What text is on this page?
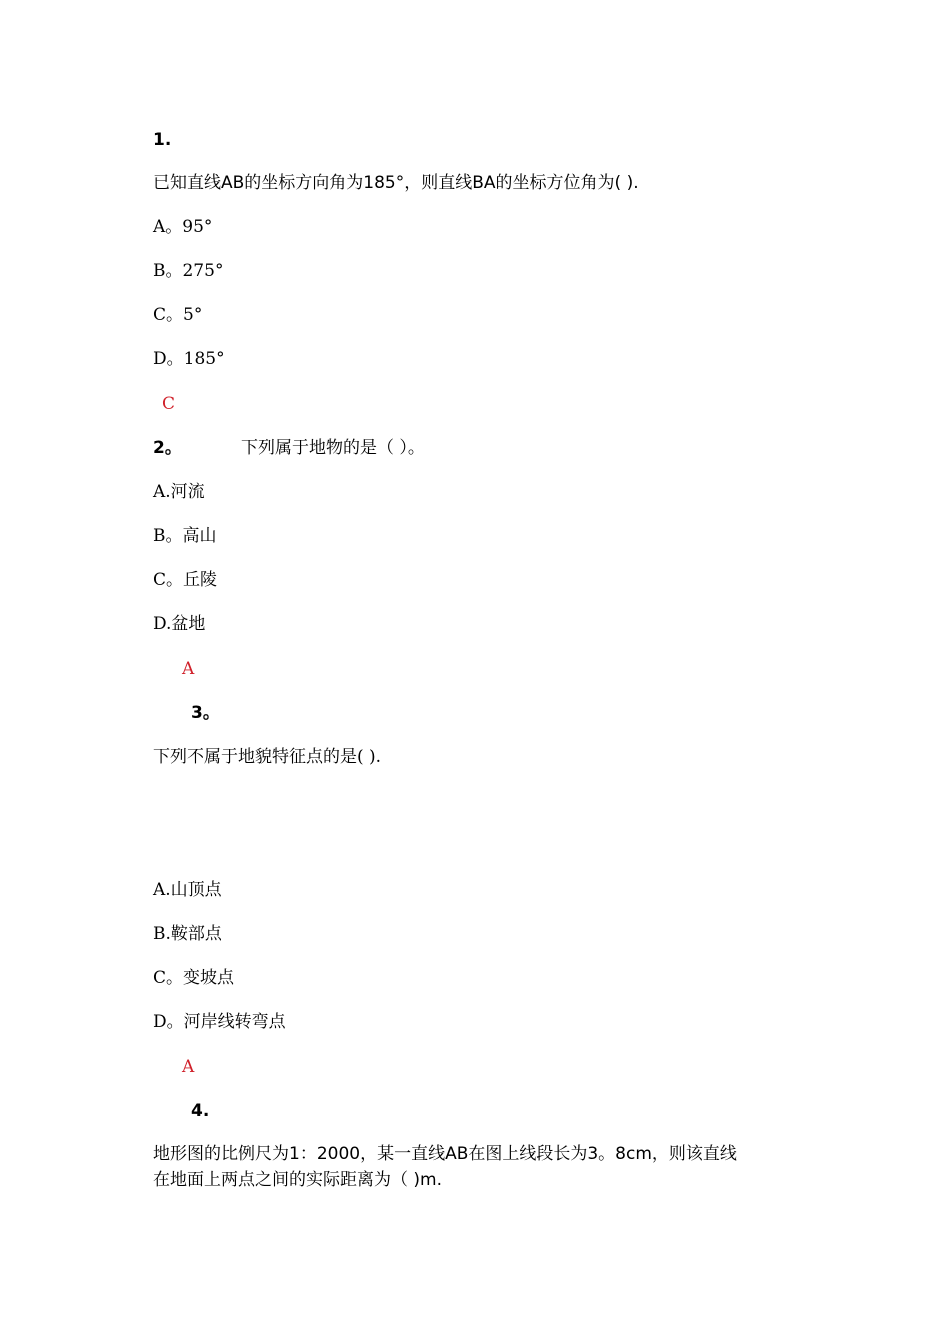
1.
已知直线AB的坐标方向角为185°，则直线BA的坐标方位角为( ).
A。95°
B。275°
C。5°
D。185°
C
2。	下列属于地物的是（ ）。
A.河流
B。高山
C。丘陵
D.盆地
A
3。
下列不属于地貌特征点的是( ).
A.山顶点
B.鞍部点
C。变坡点
D。河岸线转弯点
A
4.
地形图的比例尺为1：2000，某一直线AB在图上线段长为3。8cm，则该直线
在地面上两点之间的实际距离为（ )m.
